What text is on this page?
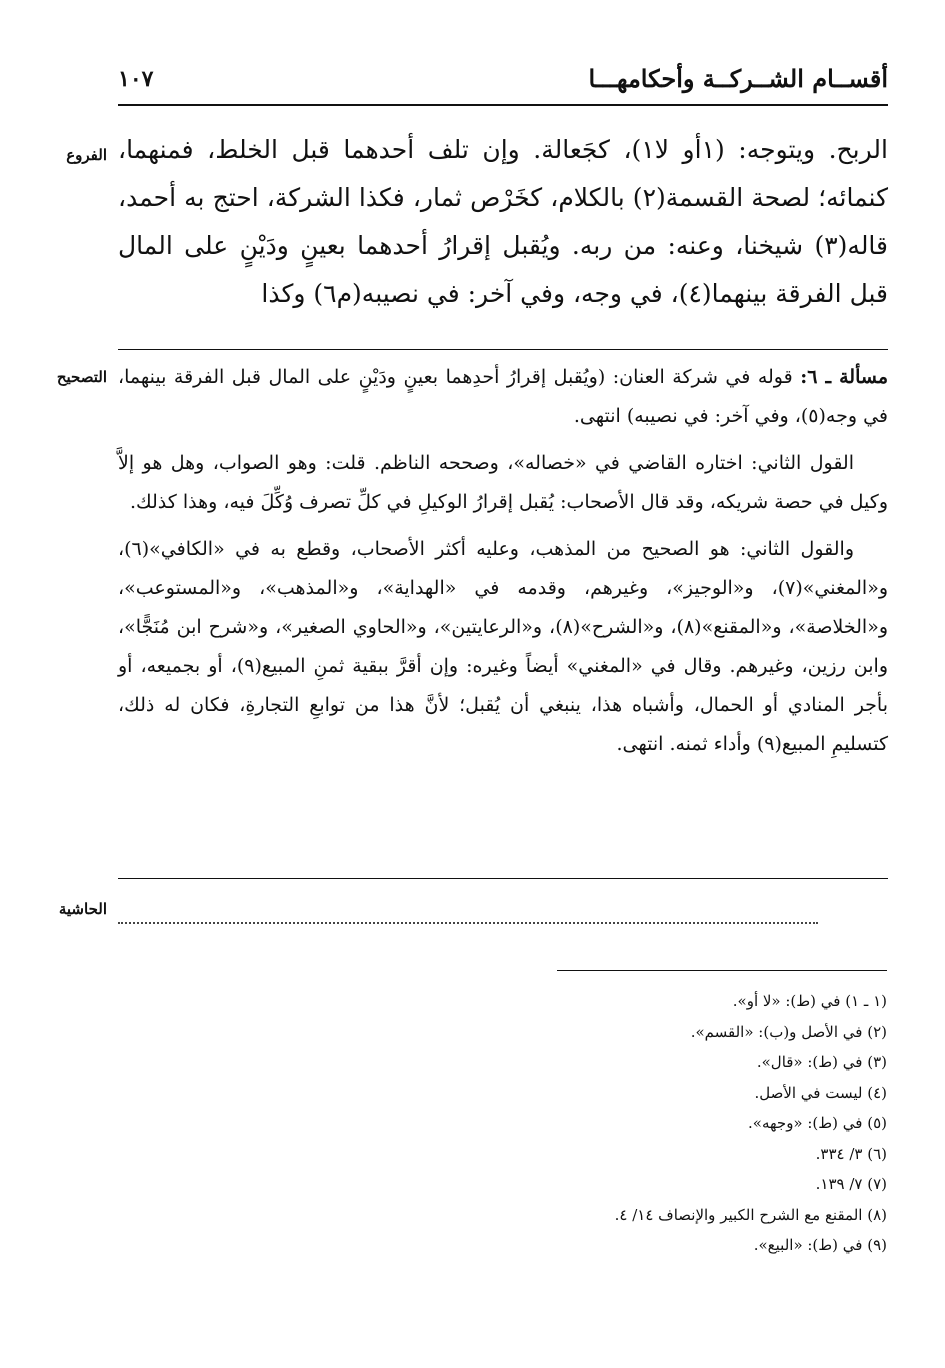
أقســام الشــركــة وأحكامهـــا
١٠٧
الفروع الربح. ويتوجه: (١أو لا١)، كجَعالة. وإن تلف أحدهما قبل الخلط، فمنهما، كنمائه؛ لصحة القسمة(٢) بالكلام، كخَرْص ثمار، فكذا الشركة، احتج به أحمد، قاله(٣) شيخنا، وعنه: من ربه. ويُقبل إقرارُ أحدهما بعينٍ ودَيْنٍ على المال قبل الفرقة بينهما(٤)، في وجه، وفي آخر: في نصيبه(م٦) وكذا
التصحيح	مسألة ـ ٦: قوله في شركة العنان: (ويُقبل إقرارُ أحدِهما بعينٍ ودَيْنٍ على المال قبل الفرقة بينهما، في وجه(٥)، وفي آخر: في نصيبه) انتهى.

القول الثاني: اختاره القاضي في «خصاله»، وصححه الناظم. قلت: وهو الصواب، وهل هو إلاَّ وكيل في حصة شريكه، وقد قال الأصحاب: يُقبل إقرارُ الوكيلِ في كلِّ تصرف وُكِّلَ فيه، وهذا كذلك.

والقول الثاني: هو الصحيح من المذهب، وعليه أكثر الأصحاب، وقطع به في «الكافي»(٦)، و«المغني»(٧)، و«الوجيز»، وغيرهم، وقدمه في «الهداية»، و«المذهب»، و«المستوعب»، و«الخلاصة»، و«المقنع»(٨)، و«الشرح»(٨)، و«الرعايتين»، و«الحاوي الصغير»، و«شرح ابن مُنَجًّا»، وابن رزين، وغيرهم. وقال في «المغني» أيضاً وغيره: وإن أقرَّ ببقية ثمنِ المبيع(٩)، أو بجميعه، أو بأجر المنادي أو الحمال، وأشباه هذا، ينبغي أن يُقبل؛ لأنَّ هذا من توابعِ التجارةِ، فكان له ذلك، كتسليمِ المبيع(٩) وأداء ثمنه. انتهى.

الحاشية
(١ ـ ١) في (ط): «لا أو».
(٢) في الأصل و(ب): «القسم».
(٣) في (ط): «قال».
(٤) ليست في الأصل.
(٥) في (ط): «وجهه».
(٦) ٣/ ٣٣٤.
(٧) ٧/ ١٣٩.
(٨) المقنع مع الشرح الكبير والإنصاف ١٤/ ٤.
(٩) في (ط): «البيع».
